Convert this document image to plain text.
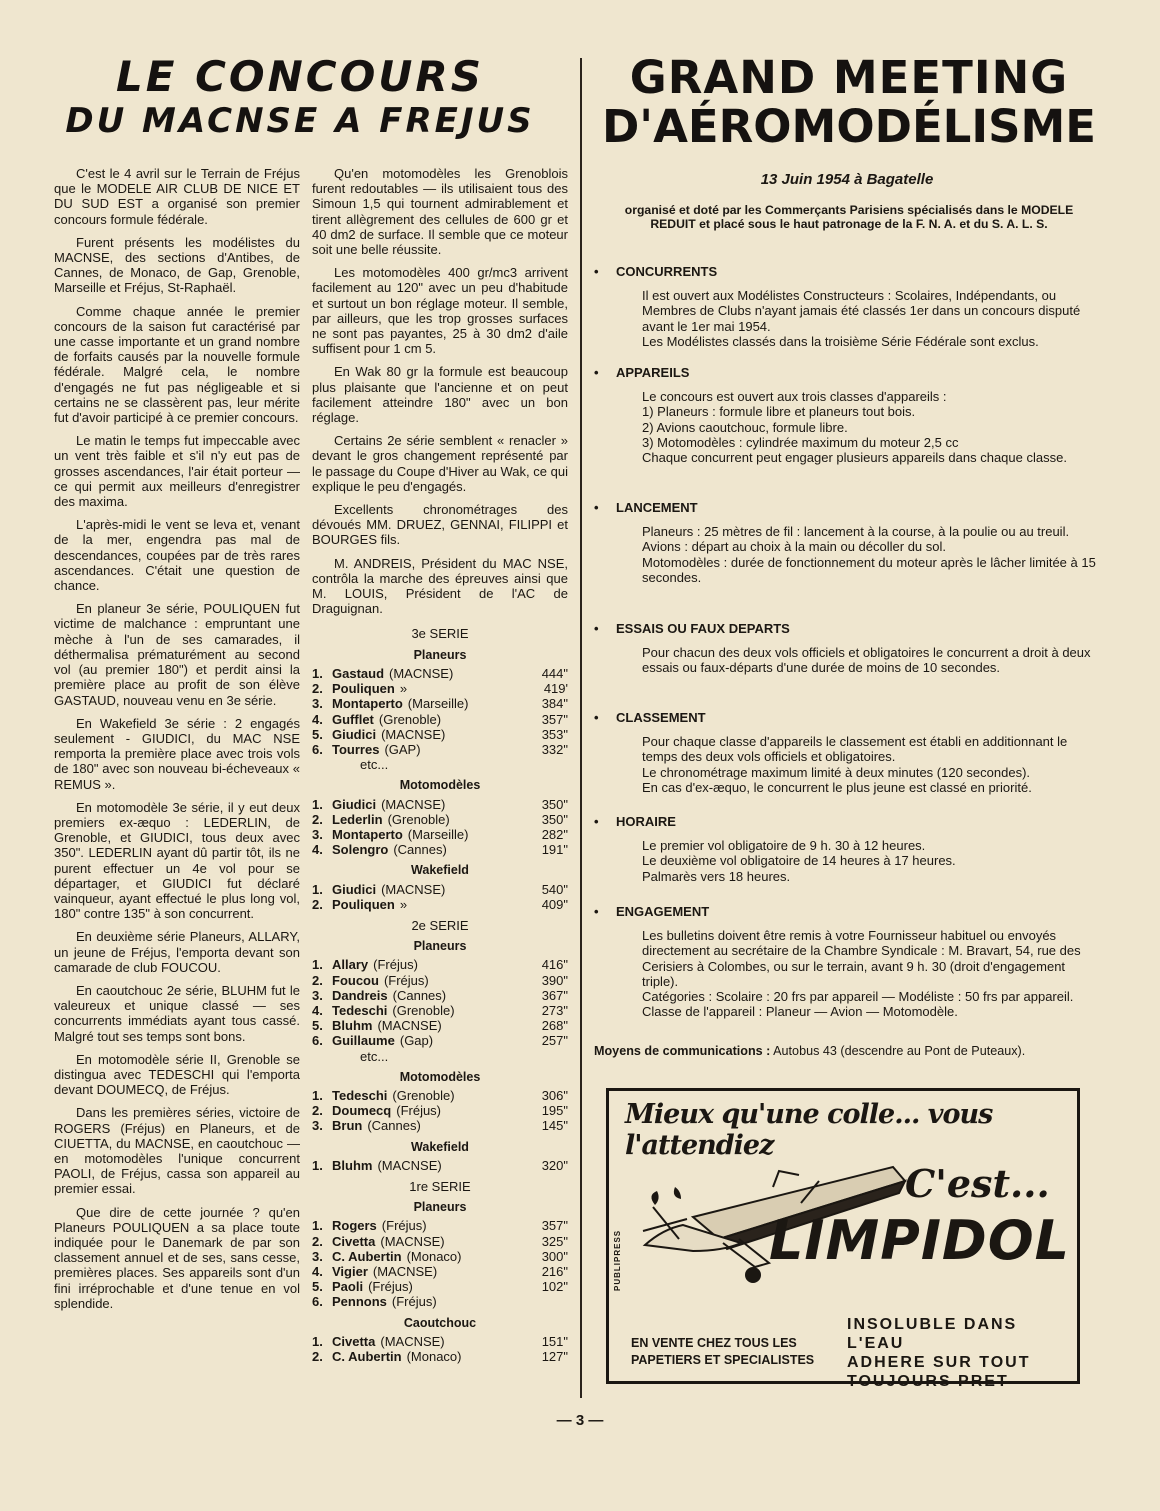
LE CONCOURS
DU MACNSE A FREJUS
GRAND MEETING
D'AÉROMODÉLISME

C'est le 4 avril sur le Terrain de Fréjus que le MODELE AIR CLUB DE NICE ET DU SUD EST a organisé son premier concours formule fédérale.

Furent présents les modélistes du MACNSE, des sections d'Antibes, de Cannes, de Monaco, de Gap, Grenoble, Marseille et Fréjus, St-Raphaël.

Comme chaque année le premier concours de la saison fut caractérisé par une casse importante et un grand nombre de forfaits causés par la nouvelle formule fédérale. Malgré cela, le nombre d'engagés ne fut pas négligeable et si certains ne se classèrent pas, leur mérite fut d'avoir participé à ce premier concours.

Le matin le temps fut impeccable avec un vent très faible et s'il n'y eut pas de grosses ascendances, l'air était porteur — ce qui permit aux meilleurs d'enregistrer des maxima.

L'après-midi le vent se leva et, venant de la mer, engendra pas mal de descendances, coupées par de très rares ascendances. C'était une question de chance.

En planeur 3e série, POULIQUEN fut victime de malchance : empruntant une mèche à l'un de ses camarades, il déthermalisa prématurément au second vol (au premier 180") et perdit ainsi la première place au profit de son élève GASTAUD, nouveau venu en 3e série.

En Wakefield 3e série : 2 engagés seulement - GIUDICI, du MAC NSE remporta la première place avec trois vols de 180" avec son nouveau bi-écheveaux « REMUS ».

En motomodèle 3e série, il y eut deux premiers ex-æquo : LEDERLIN, de Grenoble, et GIUDICI, tous deux avec 350". LEDERLIN ayant dû partir tôt, ils ne purent effectuer un 4e vol pour se départager, et GIUDICI fut déclaré vainqueur, ayant effectué le plus long vol, 180" contre 135" à son concurrent.

En deuxième série Planeurs, ALLARY, un jeune de Fréjus, l'emporta devant son camarade de club FOUCOU.

En caoutchouc 2e série, BLUHM fut le valeureux et unique classé — ses concurrents immédiats ayant tous cassé. Malgré tout ses temps sont bons.

En motomodèle série II, Grenoble se distingua avec TEDESCHI qui l'emporta devant DOUMECQ, de Fréjus.

Dans les premières séries, victoire de ROGERS (Fréjus) en Planeurs, et de CIUETTA, du MACNSE, en caoutchouc — en motomodèles l'unique concurrent PAOLI, de Fréjus, cassa son appareil au premier essai.

Que dire de cette journée ? qu'en Planeurs POULIQUEN a sa place toute indiquée pour le Danemark de par son classement annuel et de ses, sans cesse, premières places. Ses appareils sont d'un fini irréprochable et d'une tenue en vol splendide.

Qu'en motomodèles les Grenoblois furent redoutables — ils utilisaient tous des Simoun 1,5 qui tournent admirablement et tirent allègrement des cellules de 600 gr et 40 dm2 de surface. Il semble que ce moteur soit une belle réussite.

Les motomodèles 400 gr/mc3 arrivent facilement au 120" avec un peu d'habitude et surtout un bon réglage moteur. Il semble, par ailleurs, que les trop grosses surfaces ne sont pas payantes, 25 à 30 dm2 d'aile suffisent pour 1 cm 5.

En Wak 80 gr la formule est beaucoup plus plaisante que l'ancienne et on peut facilement atteindre 180" avec un bon réglage.

Certains 2e série semblent « renacler » devant le gros changement représenté par le passage du Coupe d'Hiver au Wak, ce qui explique le peu d'engagés.

Excellents chronométrages des dévoués MM. DRUEZ, GENNAI, FILIPPI et BOURGES fils.

M. ANDREIS, Président du MAC NSE, contrôla la marche des épreuves ainsi que M. LOUIS, Président de l'AC de Draguignan.

3e SERIE
Planeurs
1. Gastaud (MACNSE)	444"
2. Pouliquen »	419'
3. Montaperto (Marseille)	384"
4. Gufflet (Grenoble)	357"
5. Giudici (MACNSE)	353"
6. Tourres (GAP)	332"
etc...
Motomodèles
1. Giudici (MACNSE)	350"
2. Lederlin (Grenoble)	350"
3. Montaperto (Marseille)	282"
4. Solengro (Cannes)	191"
Wakefield
1. Giudici (MACNSE)	540"
2. Pouliquen »	409"
2e SERIE
Planeurs
1. Allary (Fréjus)	416"
2. Foucou (Fréjus)	390"
3. Dandreis (Cannes)	367"
4. Tedeschi (Grenoble)	273"
5. Bluhm (MACNSE)	268"
6. Guillaume (Gap)	257"
etc...
Motomodèles
1. Tedeschi (Grenoble)	306"
2. Doumecq (Fréjus)	195"
3. Brun (Cannes)	145"
Wakefield
1. Bluhm (MACNSE)	320"
1re SERIE
Planeurs
1. Rogers (Fréjus)	357"
2. Civetta (MACNSE)	325"
3. C. Aubertin (Monaco)	300"
4. Vigier (MACNSE)	216"
5. Paoli (Fréjus)	102"
6. Pennons (Fréjus)
Caoutchouc
1. Civetta (MACNSE)	151"
2. C. Aubertin (Monaco)	127"
13 Juin 1954 à Bagatelle
organisé et doté par les Commerçants Parisiens spécialisés dans le MODELE REDUIT et placé sous le haut patronage de la F. N. A. et du S. A. L. S.
•	CONCURRENTS
Il est ouvert aux Modélistes Constructeurs : Scolaires, Indépendants, ou Membres de Clubs n'ayant jamais été classés 1er dans un concours disputé avant le 1er mai 1954.
Les Modélistes classés dans la troisième Série Fédérale sont exclus.
•	APPAREILS
Le concours est ouvert aux trois classes d'appareils :
1) Planeurs : formule libre et planeurs tout bois.
2) Avions caoutchouc, formule libre.
3) Motomodèles : cylindrée maximum du moteur 2,5 cc
Chaque concurrent peut engager plusieurs appareils dans chaque classe.
•	LANCEMENT
Planeurs : 25 mètres de fil : lancement à la course, à la poulie ou au treuil.
Avions : départ au choix à la main ou décoller du sol.
Motomodèles : durée de fonctionnement du moteur après le lâcher limitée à 15 secondes.
•	ESSAIS OU FAUX DEPARTS
Pour chacun des deux vols officiels et obligatoires le concurrent a droit à deux essais ou faux-départs d'une durée de moins de 10 secondes.
•	CLASSEMENT
Pour chaque classe d'appareils le classement est établi en additionnant le temps des deux vols officiels et obligatoires.
Le chronométrage maximum limité à deux minutes (120 secondes).
En cas d'ex-æquo, le concurrent le plus jeune est classé en priorité.
•	HORAIRE
Le premier vol obligatoire de 9 h. 30 à 12 heures.
Le deuxième vol obligatoire de 14 heures à 17 heures.
Palmarès vers 18 heures.
•	ENGAGEMENT
Les bulletins doivent être remis à votre Fournisseur habituel ou envoyés directement au secrétaire de la Chambre Syndicale : M. Bravart, 54, rue des Cerisiers à Colombes, ou sur le terrain, avant 9 h. 30 (droit d'engagement triple).
Catégories : Scolaire : 20 frs par appareil — Modéliste : 50 frs par appareil.
Classe de l'appareil : Planeur — Avion — Motomodèle.
Moyens de communications : Autobus 43 (descendre au Pont de Puteaux).
Mieux qu'une colle... vous l'attendiez
C'est...
LIMPIDOL
PUBLIPRESS
EN VENTE CHEZ TOUS LES
PAPETIERS ET SPECIALISTES
INSOLUBLE DANS L'EAU
ADHERE SUR TOUT
TOUJOURS PRET
— 3 —
